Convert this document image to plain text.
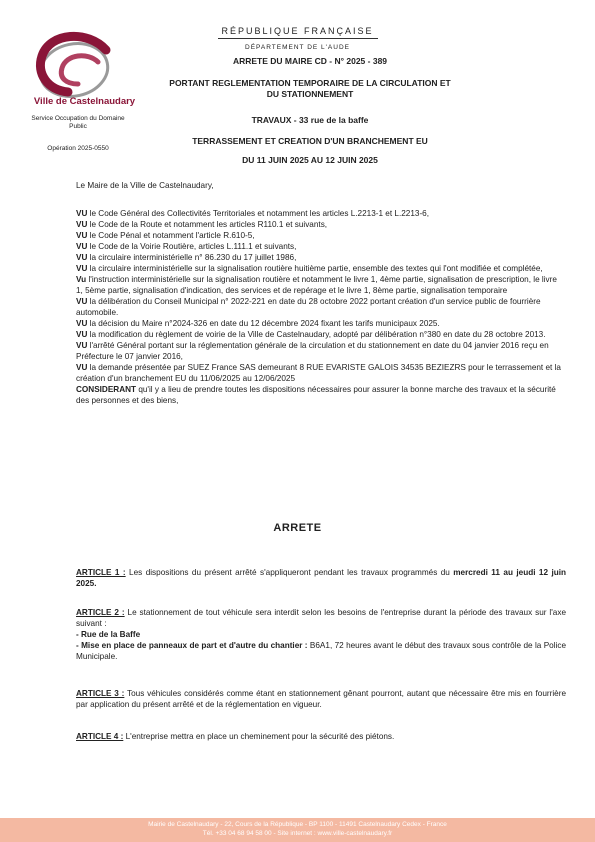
Ville de Castelnaudary
Service Occupation du Domaine Public
Opération 2025-0550
RÉPUBLIQUE FRANÇAISE
DÉPARTEMENT DE L'AUDE
ARRETE DU MAIRE CD - N° 2025 - 389
PORTANT REGLEMENTATION TEMPORAIRE DE LA CIRCULATION ET DU STATIONNEMENT
TRAVAUX - 33 rue de la baffe
TERRASSEMENT ET CREATION D'UN BRANCHEMENT EU
DU 11 JUIN 2025 AU 12 JUIN 2025
Le Maire de la Ville de Castelnaudary,

VU le Code Général des Collectivités Territoriales et notamment les articles L.2213-1 et L.2213-6,

VU le Code de la Route et notamment les articles R110.1 et suivants,

VU le Code Pénal et notamment l'article R.610-5,

VU le Code de la Voirie Routière, articles L.111.1 et suivants,

VU la circulaire interministérielle n° 86.230 du 17 juillet 1986,

VU la circulaire interministérielle sur la signalisation routière huitième partie, ensemble des textes qui l'ont modifiée et complétée,

Vu l'instruction interministérielle sur la signalisation routière et notamment le livre 1, 4ème partie, signalisation de prescription, le livre 1, 5ème partie, signalisation d'indication, des services et de repérage et le livre 1, 8ème partie, signalisation temporaire

VU la délibération du Conseil Municipal n° 2022-221 en date du 28 octobre 2022 portant création d'un service public de fourrière automobile.

VU la décision du Maire n°2024-326 en date du 12 décembre 2024 fixant les tarifs municipaux 2025.

VU la modification du règlement de voirie de la Ville de Castelnaudary, adopté par délibération n°380 en date du 28 octobre 2013.

VU l'arrêté Général portant sur la réglementation générale de la circulation et du stationnement en date du 04 janvier 2016 reçu en Préfecture le 07 janvier 2016,

VU la demande présentée par SUEZ France SAS demeurant 8 RUE EVARISTE GALOIS 34535 BEZIEZRS pour le terrassement et la création d'un branchement EU du 11/06/2025 au 12/06/2025

CONSIDERANT qu'il y a lieu de prendre toutes les dispositions nécessaires pour assurer la bonne marche des travaux et la sécurité des personnes et des biens,

ARRETE

ARTICLE 1 : Les dispositions du présent arrêté s'appliqueront pendant les travaux programmés du mercredi 11 au jeudi 12 juin 2025.

ARTICLE 2 : Le stationnement de tout véhicule sera interdit selon les besoins de l'entreprise durant la période des travaux sur l'axe suivant :

- Rue de la Baffe

- Mise en place de panneaux de part et d'autre du chantier : B6A1, 72 heures avant le début des travaux sous contrôle de la Police Municipale.

ARTICLE 3 : Tous véhicules considérés comme étant en stationnement gênant pourront, autant que nécessaire être mis en fourrière par application du présent arrêté et de la réglementation en vigueur.

ARTICLE 4 : L'entreprise mettra en place un cheminement pour la sécurité des piétons.

Mairie de Castelnaudary - 22, Cours de la République - BP 1100 - 11491 Castelnaudary Cedex - France
Tél. +33 04 68 94 58 00 - Site internet : www.ville-castelnaudary.fr
